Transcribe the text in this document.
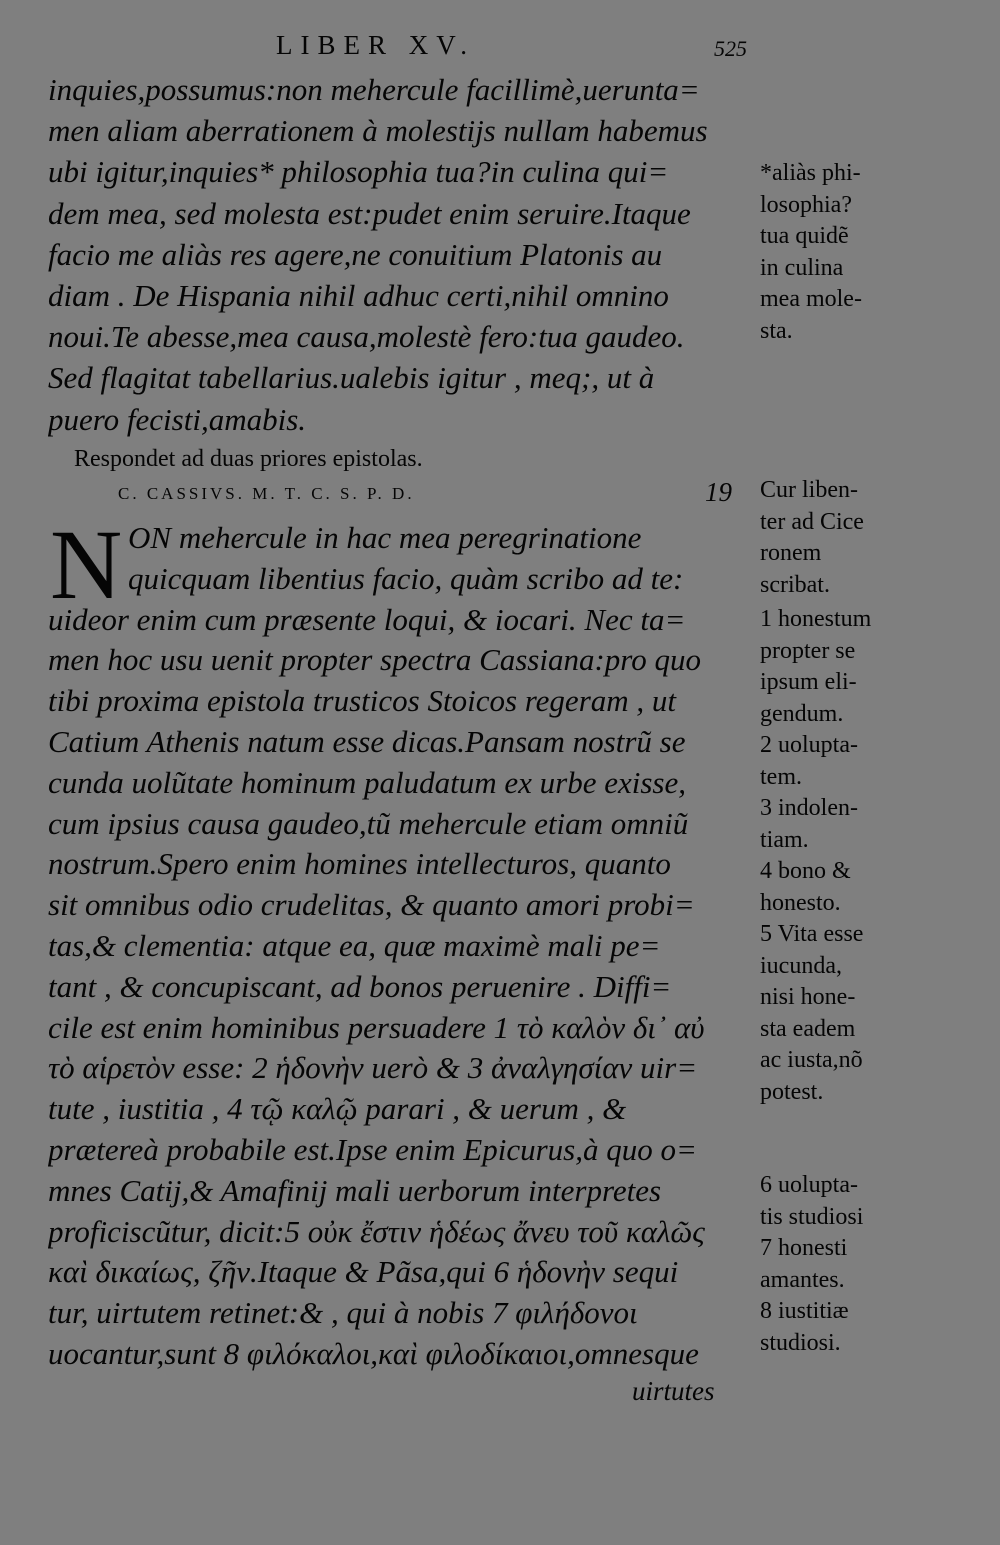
LIBER XV.	525
inquies,possumus:non mehercule facillimè,uerunta=
men aliam aberrationem à molestijs nullam habemus
ubi igitur,inquies* philosophia tua?in culina qui=
dem mea, sed molesta est:pudet enim seruire.Itaque
facio me aliàs res agere,ne conuitium Platonis au
diam . De Hispania nihil adhuc certi,nihil omnino
noui.Te abesse,mea causa,molestè fero:tua gaudeo.
Sed flagitat tabellarius.ualebis igitur , meq;, ut à
puero fecisti,amabis.
Respondet ad duas priores epistolas.
C. CASSIVS. M. T. C. S. P. D.	19
N ON mehercule in hac mea peregrinatione
quicquam libentius facio, quàm scribo ad te:
uideor enim cum præsente loqui, & iocari. Nec ta=
men hoc usu uenit propter spectra Cassiana:pro quo
tibi proxima epistola trusticos Stoicos regeram , ut
Catium Athenis natum esse dicas.Pansam nostrũ se
cunda uolũtate hominum paludatum ex urbe exisse,
cum ipsius causa gaudeo,tũ mehercule etiam omniũ
nostrum.Spero enim homines intellecturos, quanto
sit omnibus odio crudelitas, & quanto amori probi=
tas,& clementia: atque ea, quæ maximè mali pe=
tant , & concupiscant, ad bonos peruenire . Diffi=
cile est enim hominibus persuadere 1 τὸ καλὸν δι᾽ αὐ
τὸ αἱρετὸν esse: 2 ἡδονὴν uerò & 3 ἀναλγησίαν uir=
tute , iustitia , 4 τῷ καλῷ parari , & uerum , &
prætereà probabile est.Ipse enim Epicurus,à quo o=
mnes Catij,& Amafinij mali uerborum interpretes
proficiscũtur, dicit:5 οὐκ ἔστιν ἡδέως ἄνευ τοῦ καλῶς
καὶ δικαίως, ζῆν.Itaque & Pãsa,qui 6 ἡδονὴν sequi
tur, uirtutem retinet:& , qui à nobis 7 φιλήδονοι
uocantur,sunt 8 φιλόκαλοι,καὶ φιλοδίκαιοι,omnesque
*aliàs phi-
losophia?
tua quidẽ
in culina
mea mole-
sta.
Cur liben-
ter ad Cice
ronem
scribat.
1 honestum
propter se
ipsum eli-
gendum.
2 uolupta-
tem.
3 indolen-
tiam.
4 bono &
honesto.
5 Vita esse
iucunda,
nisi hone-
sta eadem
ac iusta,nõ
potest.
6 uolupta-
tis studiosi
7 honesti
amantes.
8 iustitiæ
studiosi.
uirtutes
